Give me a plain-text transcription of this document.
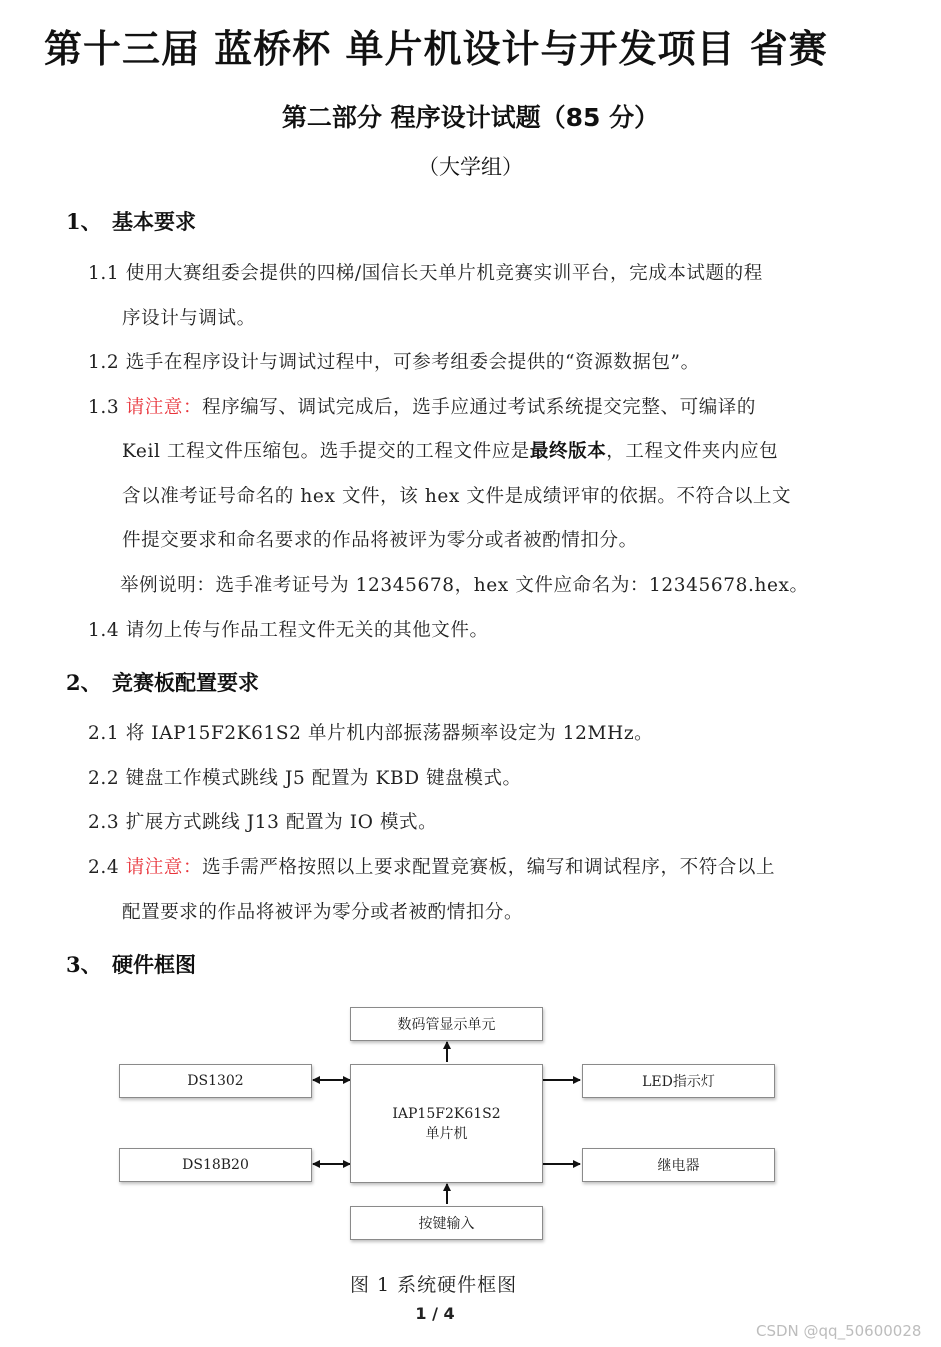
第十三届 蓝桥杯 单片机设计与开发项目 省赛
第二部分 程序设计试题（85 分）
（大学组）
1、 基本要求
1.1 使用大赛组委会提供的四梯/国信长天单片机竞赛实训平台，完成本试题的程
序设计与调试。
1.2 选手在程序设计与调试过程中，可参考组委会提供的“资源数据包”。
1.3 请注意：程序编写、调试完成后，选手应通过考试系统提交完整、可编译的
Keil 工程文件压缩包。选手提交的工程文件应是最终版本，工程文件夹内应包
含以准考证号命名的 hex 文件，该 hex 文件是成绩评审的依据。不符合以上文
件提交要求和命名要求的作品将被评为零分或者被酌情扣分。
举例说明：选手准考证号为 12345678，hex 文件应命名为：12345678.hex。
1.4 请勿上传与作品工程文件无关的其他文件。
2、 竞赛板配置要求
2.1 将 IAP15F2K61S2 单片机内部振荡器频率设定为 12MHz。
2.2 键盘工作模式跳线 J5 配置为 KBD 键盘模式。
2.3 扩展方式跳线 J13 配置为 IO 模式。
2.4 请注意：选手需严格按照以上要求配置竞赛板，编写和调试程序，不符合以上
配置要求的作品将被评为零分或者被酌情扣分。
3、 硬件框图
数码管显示单元
DS1302
DS18B20
IAP15F2K61S2
单片机
LED指示灯
继电器
按键输入
图 1 系统硬件框图
1 / 4
CSDN @qq_50600028
